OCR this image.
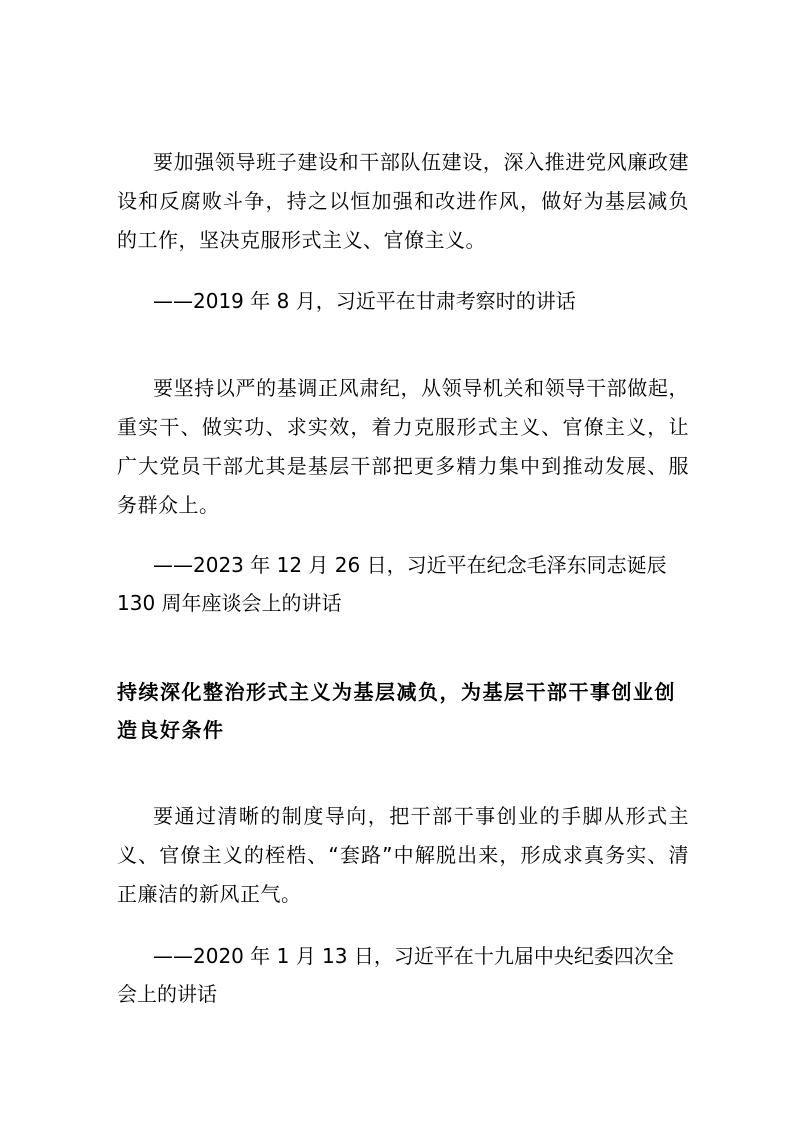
要加强领导班子建设和干部队伍建设，深入推进党风廉政建设和反腐败斗争，持之以恒加强和改进作风，做好为基层减负的工作，坚决克服形式主义、官僚主义。

——2019 年 8 月，习近平在甘肃考察时的讲话

要坚持以严的基调正风肃纪，从领导机关和领导干部做起，重实干、做实功、求实效，着力克服形式主义、官僚主义，让广大党员干部尤其是基层干部把更多精力集中到推动发展、服务群众上。

——2023 年 12 月 26 日，习近平在纪念毛泽东同志诞辰 130 周年座谈会上的讲话

持续深化整治形式主义为基层减负，为基层干部干事创业创造良好条件

要通过清晰的制度导向，把干部干事创业的手脚从形式主义、官僚主义的桎梏、“套路”中解脱出来，形成求真务实、清正廉洁的新风正气。

——2020 年 1 月 13 日，习近平在十九届中央纪委四次全会上的讲话
